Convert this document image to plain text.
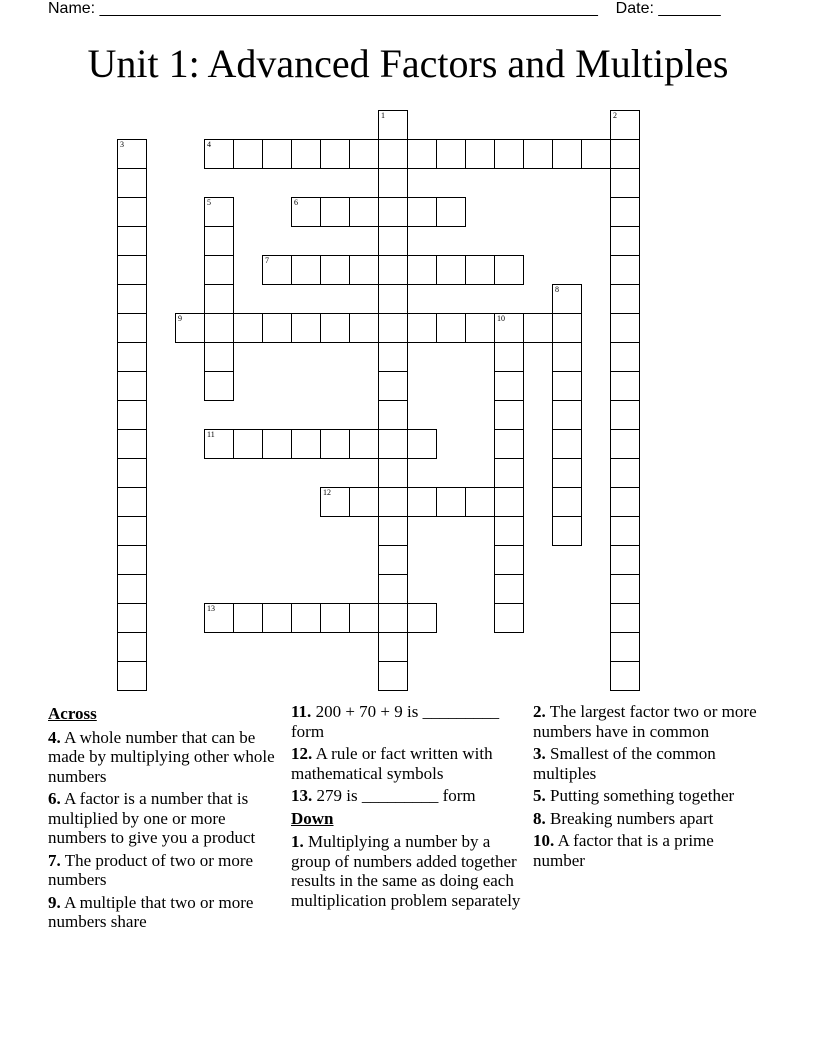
Name: ________________________________________________________ Date: _______
Unit 1: Advanced Factors and Multiples
4
6
7
9	10
11
12
13
1	2
3
5
8
Across
4. A whole number that can be made by multiplying other whole numbers
6. A factor is a number that is multiplied by one or more numbers to give you a product
7. The product of two or more numbers
9. A multiple that two or more numbers share
11. 200 + 70 + 9 is _________ form
12. A rule or fact written with mathematical symbols
13. 279 is _________ form
Down
1. Multiplying a number by a group of numbers added together results in the same as doing each multiplication problem separately
2. The largest factor two or more numbers have in common
3. Smallest of the common multiples
5. Putting something together
8. Breaking numbers apart
10. A factor that is a prime number
